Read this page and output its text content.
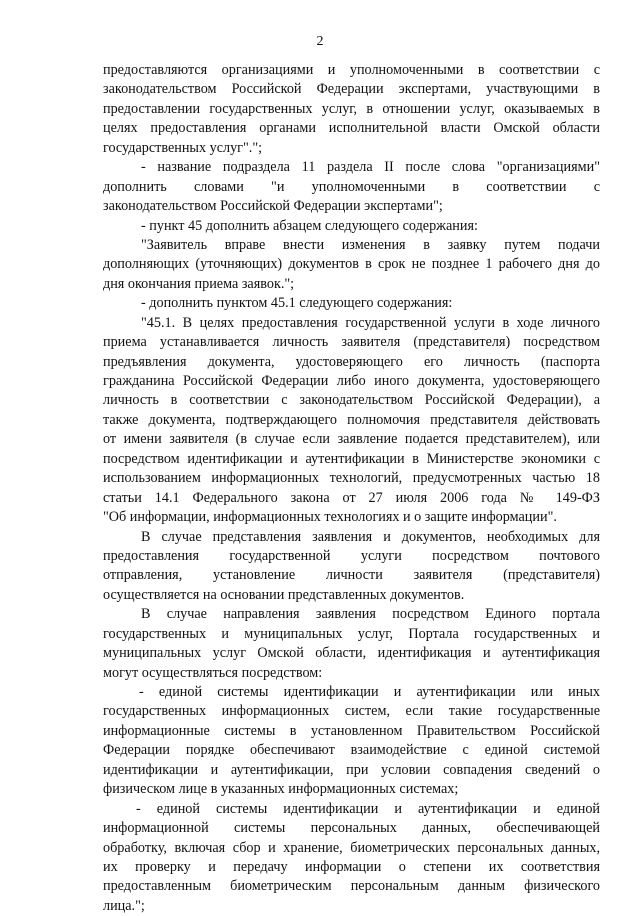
2
предоставляются организациями и уполномоченными в соответствии с
законодательством Российской Федерации экспертами, участвующими в
предоставлении государственных услуг, в отношении услуг, оказываемых в
целях предоставления органами исполнительной власти Омской области
государственных услуг".";
- название подраздела 11 раздела II после слова "организациями"
дополнить словами "и уполномоченными в соответствии с
законодательством Российской Федерации экспертами";
- пункт 45 дополнить абзацем следующего содержания:
"Заявитель вправе внести изменения в заявку путем подачи
дополняющих (уточняющих) документов в срок не позднее 1 рабочего дня до
дня окончания приема заявок.";
- дополнить пунктом 45.1 следующего содержания:
"45.1. В целях предоставления государственной услуги в ходе личного
приема устанавливается личность заявителя (представителя) посредством
предъявления документа, удостоверяющего его личность (паспорта
гражданина Российской Федерации либо иного документа, удостоверяющего
личность в соответствии с законодательством Российской Федерации), а
также документа, подтверждающего полномочия представителя действовать
от имени заявителя (в случае если заявление подается представителем), или
посредством идентификации и аутентификации в Министерстве экономики с
использованием информационных технологий, предусмотренных частью 18
статьи 14.1 Федерального закона от 27 июля 2006 года № 149-ФЗ
"Об информации, информационных технологиях и о защите информации".
В случае представления заявления и документов, необходимых для
предоставления государственной услуги посредством почтового
отправления, установление личности заявителя (представителя)
осуществляется на основании представленных документов.
В случае направления заявления посредством Единого портала
государственных и муниципальных услуг, Портала государственных и
муниципальных услуг Омской области, идентификация и аутентификация
могут осуществляться посредством:
- единой системы идентификации и аутентификации или иных
государственных информационных систем, если такие государственные
информационные системы в установленном Правительством Российской
Федерации порядке обеспечивают взаимодействие с единой системой
идентификации и аутентификации, при условии совпадения сведений о
физическом лице в указанных информационных системах;
- единой системы идентификации и аутентификации и единой
информационной системы персональных данных, обеспечивающей
обработку, включая сбор и хранение, биометрических персональных данных,
их проверку и передачу информации о степени их соответствия
предоставленным биометрическим персональным данным физического
лица.";
